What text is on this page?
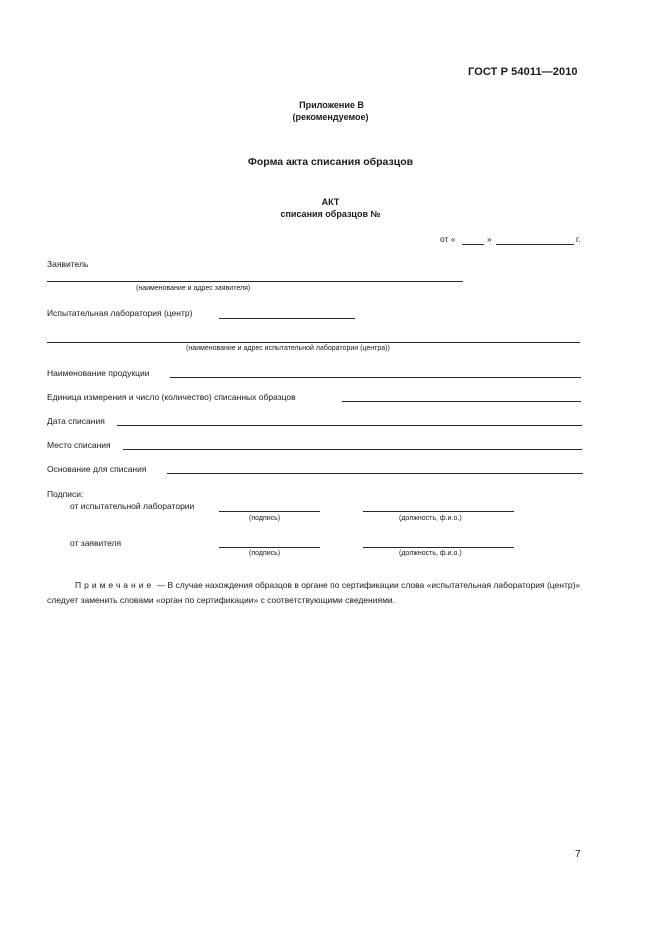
ГОСТ Р 54011—2010
Приложение В
(рекомендуемое)
Форма акта списания образцов
АКТ
списания образцов №
от «	»	г.
Заявитель
(наименование и адрес заявителя)
Испытательная лаборатория (центр)
(наименование и адрес испытательной лаборатории (центра))
Наименование продукции
Единица измерения и число (количество) списанных образцов
Дата списания
Место списания
Основание для списания
Подписи:
от испытательной лаборатории
(подпись)	(должность, ф.и.о.)
от заявителя
(подпись)	(должность, ф.и.о.)
Примечание — В случае нахождения образцов в органе по сертификации слова «испытательная лаборатория (центр)» следует заменить словами «орган по сертификации» с соответствующими сведениями.
7
